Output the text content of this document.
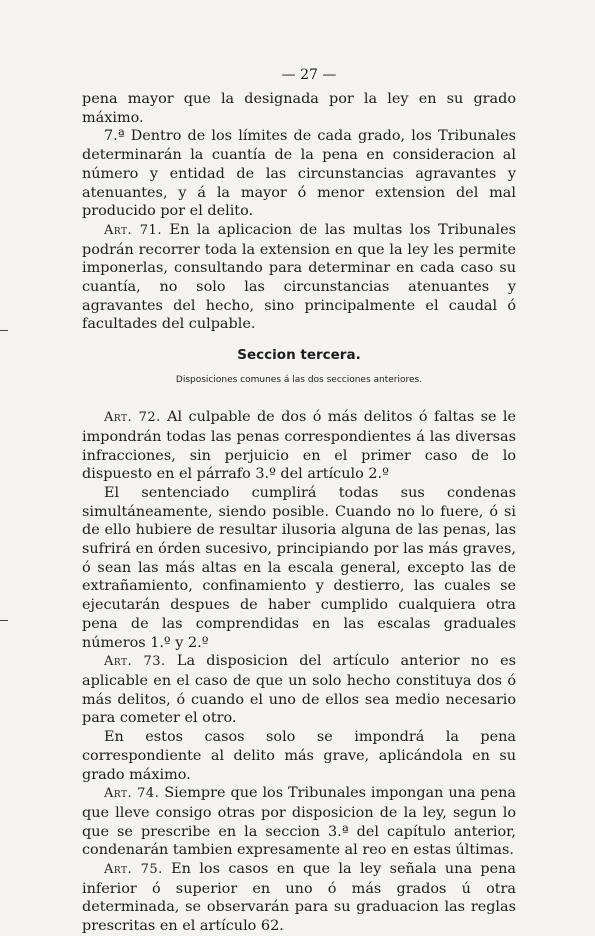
— 27 —

pena mayor que la designada por la ley en su grado máximo.

7.ª Dentro de los límites de cada grado, los Tribunales determinarán la cuantía de la pena en consideracion al número y entidad de las circunstancias agravantes y atenuantes, y á la mayor ó menor extension del mal producido por el delito.

Art. 71. En la aplicacion de las multas los Tribunales podrán recorrer toda la extension en que la ley les permite imponerlas, consultando para determinar en cada caso su cuantía, no solo las circunstancias atenuantes y agravantes del hecho, sino principalmente el caudal ó facultades del culpable.

Seccion tercera.
Disposiciones comunes á las dos secciones anteriores.

Art. 72. Al culpable de dos ó más delitos ó faltas se le impondrán todas las penas correspondientes á las diversas infracciones, sin perjuicio en el primer caso de lo dispuesto en el párrafo 3.º del artículo 2.º

El sentenciado cumplirá todas sus condenas simultáneamente, siendo posible. Cuando no lo fuere, ó si de ello hubiere de resultar ilusoria alguna de las penas, las sufrirá en órden sucesivo, principiando por las más graves, ó sean las más altas en la escala general, excepto las de extrañamiento, confinamiento y destierro, las cuales se ejecutarán despues de haber cumplido cualquiera otra pena de las comprendidas en las escalas graduales números 1.º y 2.º

Art. 73. La disposicion del artículo anterior no es aplicable en el caso de que un solo hecho constituya dos ó más delitos, ó cuando el uno de ellos sea medio necesario para cometer el otro.

En estos casos solo se impondrá la pena correspondiente al delito más grave, aplicándola en su grado máximo.

Art. 74. Siempre que los Tribunales impongan una pena que lleve consigo otras por disposicion de la ley, segun lo que se prescribe en la seccion 3.ª del capítulo anterior, condenarán tambien expresamente al reo en estas últimas.

Art. 75. En los casos en que la ley señala una pena inferior ó superior en uno ó más grados ú otra determinada, se observarán para su graduacion las reglas prescritas en el artículo 62.
